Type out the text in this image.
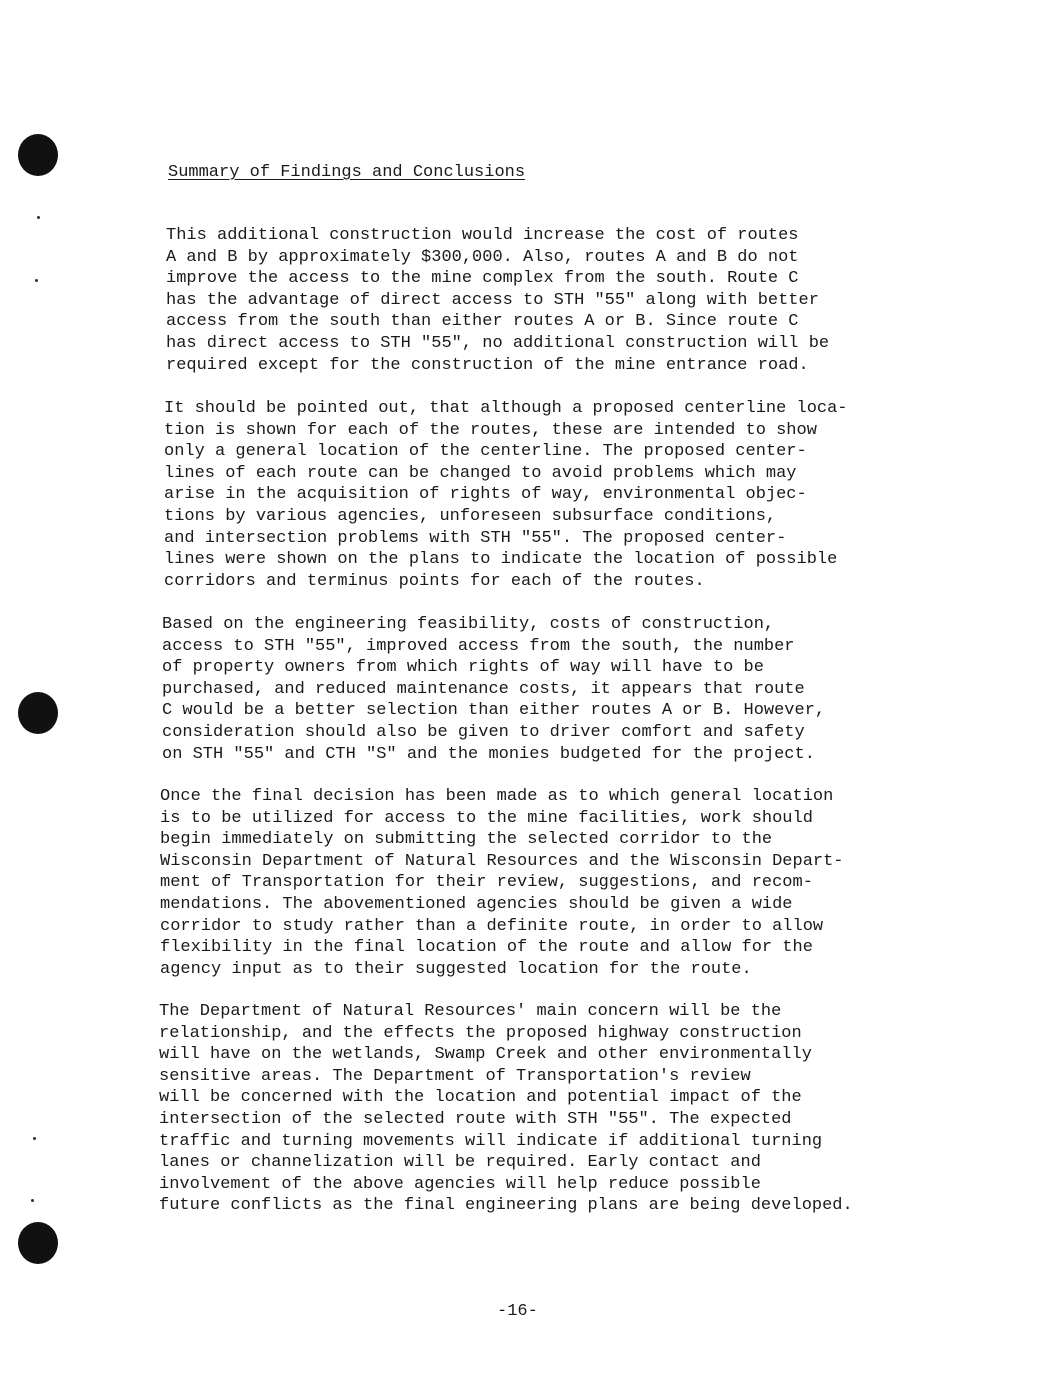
Summary of Findings and Conclusions

This additional construction would increase the cost of routes
A and B by approximately $300,000. Also, routes A and B do not
improve the access to the mine complex from the south. Route C
has the advantage of direct access to STH "55" along with better
access from the south than either routes A or B. Since route C
has direct access to STH "55", no additional construction will be
required except for the construction of the mine entrance road.

It should be pointed out, that although a proposed centerline loca-
tion is shown for each of the routes, these are intended to show
only a general location of the centerline. The proposed center-
lines of each route can be changed to avoid problems which may
arise in the acquisition of rights of way, environmental objec-
tions by various agencies, unforeseen subsurface conditions,
and intersection problems with STH "55". The proposed center-
lines were shown on the plans to indicate the location of possible
corridors and terminus points for each of the routes.

Based on the engineering feasibility, costs of construction,
access to STH "55", improved access from the south, the number
of property owners from which rights of way will have to be
purchased, and reduced maintenance costs, it appears that route
C would be a better selection than either routes A or B. However,
consideration should also be given to driver comfort and safety
on STH "55" and CTH "S" and the monies budgeted for the project.

Once the final decision has been made as to which general location
is to be utilized for access to the mine facilities, work should
begin immediately on submitting the selected corridor to the
Wisconsin Department of Natural Resources and the Wisconsin Depart-
ment of Transportation for their review, suggestions, and recom-
mendations. The abovementioned agencies should be given a wide
corridor to study rather than a definite route, in order to allow
flexibility in the final location of the route and allow for the
agency input as to their suggested location for the route.

The Department of Natural Resources' main concern will be the
relationship, and the effects the proposed highway construction
will have on the wetlands, Swamp Creek and other environmentally
sensitive areas. The Department of Transportation's review
will be concerned with the location and potential impact of the
intersection of the selected route with STH "55". The expected
traffic and turning movements will indicate if additional turning
lanes or channelization will be required. Early contact and
involvement of the above agencies will help reduce possible
future conflicts as the final engineering plans are being developed.

-16-
